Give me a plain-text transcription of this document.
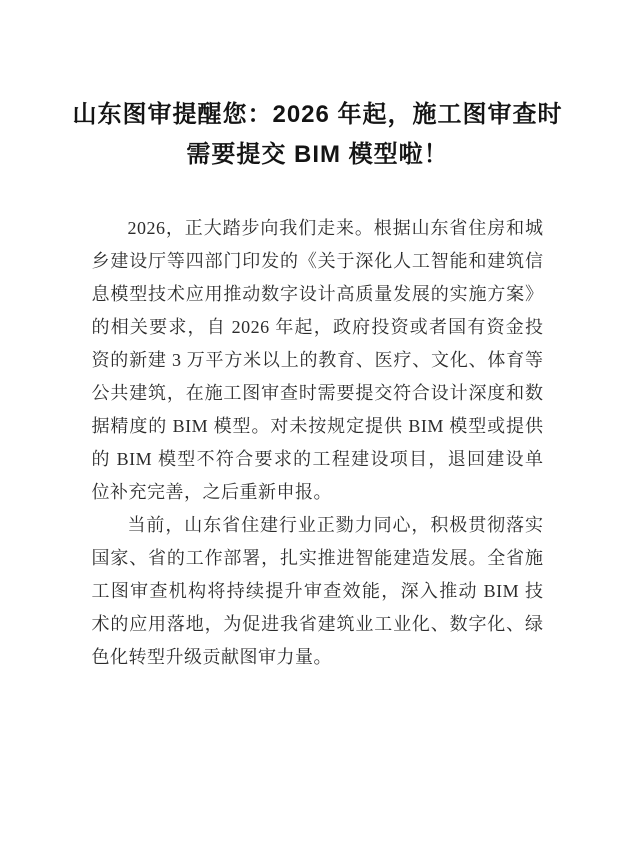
山东图审提醒您：2026 年起，施工图审查时
需要提交 BIM 模型啦！

2026，正大踏步向我们走来。根据山东省住房和城乡建设厅等四部门印发的《关于深化人工智能和建筑信息模型技术应用推动数字设计高质量发展的实施方案》的相关要求，自 2026 年起，政府投资或者国有资金投资的新建 3 万平方米以上的教育、医疗、文化、体育等公共建筑，在施工图审查时需要提交符合设计深度和数据精度的 BIM 模型。对未按规定提供 BIM 模型或提供的 BIM 模型不符合要求的工程建设项目，退回建设单位补充完善，之后重新申报。

当前，山东省住建行业正勠力同心，积极贯彻落实国家、省的工作部署，扎实推进智能建造发展。全省施工图审查机构将持续提升审查效能，深入推动 BIM 技术的应用落地，为促进我省建筑业工业化、数字化、绿色化转型升级贡献图审力量。
